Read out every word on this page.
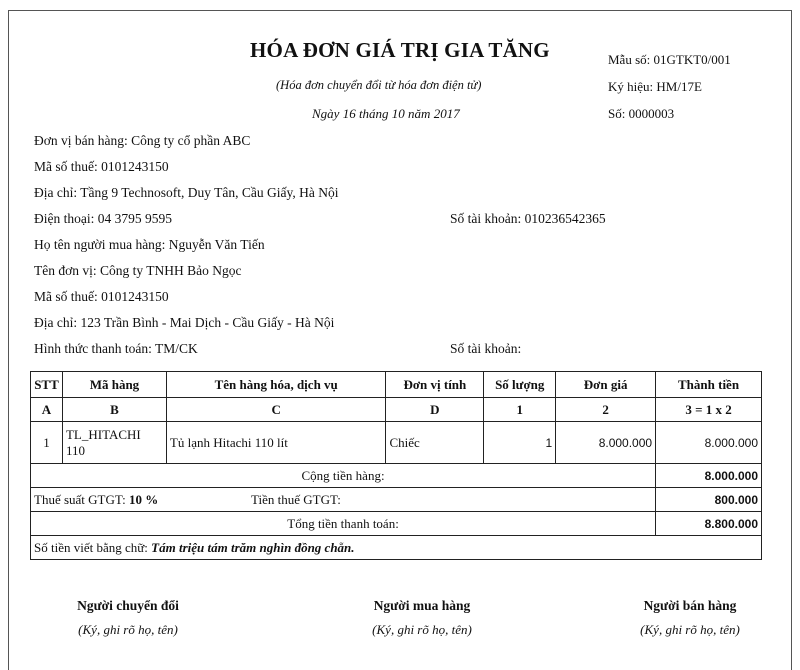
HÓA ĐƠN GIÁ TRỊ GIA TĂNG
(Hóa đơn chuyển đổi từ hóa đơn điện tử)
Ngày 16 tháng 10 năm 2017
Mẫu số: 01GTKT0/001
Ký hiệu: HM/17E
Số: 0000003
Đơn vị bán hàng: Công ty cổ phần ABC
Mã số thuế: 0101243150
Địa chỉ: Tầng 9 Technosoft, Duy Tân, Cầu Giấy, Hà Nội
Điện thoại: 04 3795 9595	Số tài khoản: 010236542365
Họ tên người mua hàng: Nguyễn Văn Tiến
Tên đơn vị: Công ty TNHH Bảo Ngọc
Mã số thuế: 0101243150
Địa chỉ: 123 Trần Bình - Mai Dịch - Cầu Giấy - Hà Nội
Hình thức thanh toán: TM/CK	Số tài khoản:
STT	Mã hàng	Tên hàng hóa, dịch vụ	Đơn vị tính	Số lượng	Đơn giá	Thành tiền
A	B	C	D	1	2	3 = 1 x 2
1	TL_HITACHI 110	Tủ lạnh Hitachi 110 lít	Chiếc	1	8.000.000	8.000.000
Cộng tiền hàng:						8.000.000
Thuế suất GTGT: 10 % Tiền thuế GTGT:						800.000
Tổng tiền thanh toán:						8.800.000
Số tiền viết bằng chữ: Tám triệu tám trăm nghìn đồng chẵn.						
Người chuyển đổi
(Ký, ghi rõ họ, tên)
Người mua hàng
(Ký, ghi rõ họ, tên)
Người bán hàng
(Ký, ghi rõ họ, tên)
